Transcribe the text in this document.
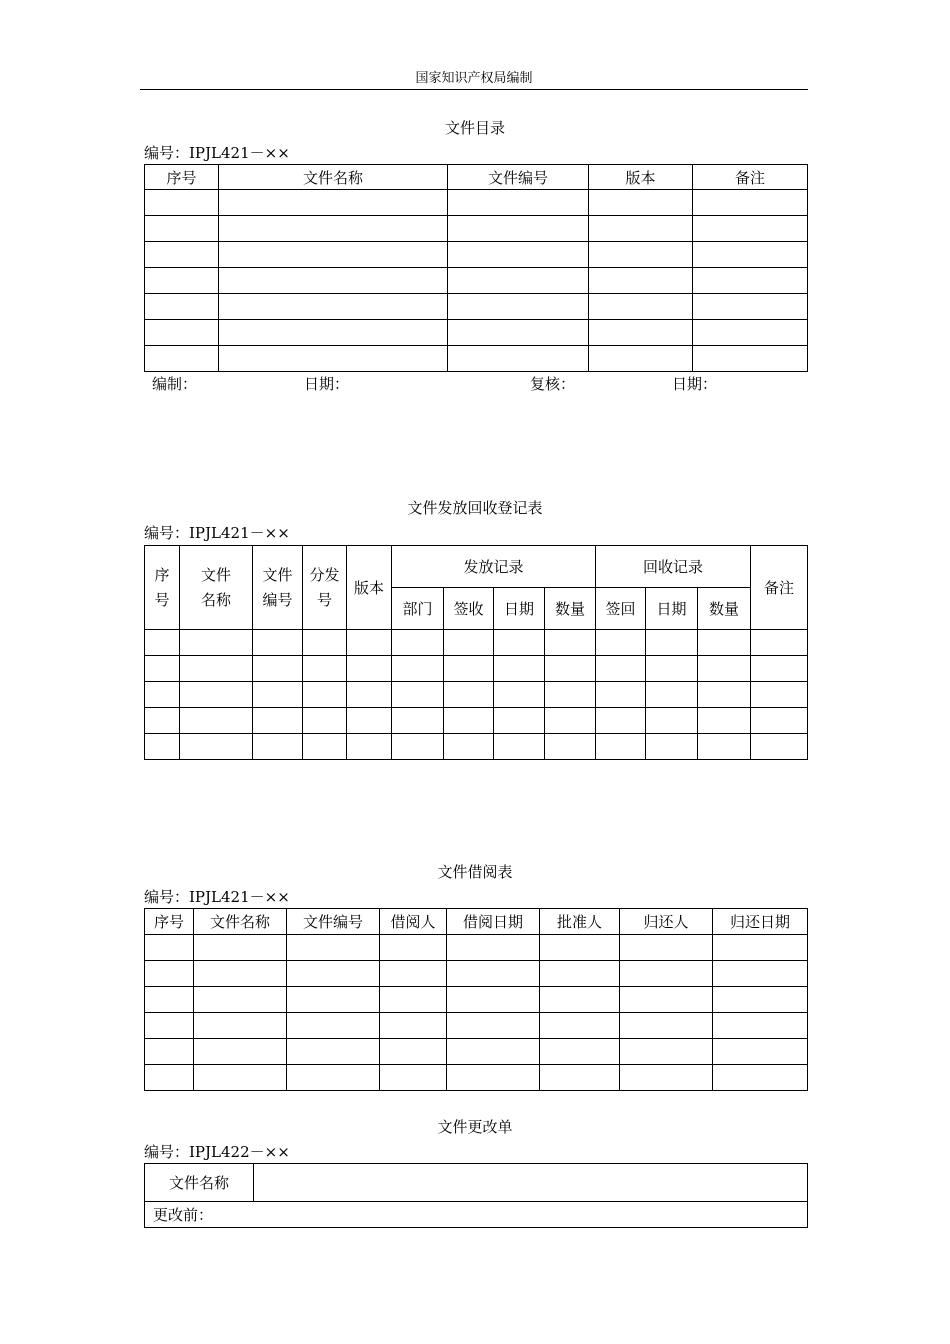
国家知识产权局编制
文件目录
编号：IPJL421－××
序号	文件名称	文件编号	版本	备注

编制：	日期：	复核：	日期：
文件发放回收登记表
编号：IPJL421－××
序号	文件名称	文件编号	分发号	版本	发放记录				回收记录			备注
					部门	签收	日期	数量	签回	日期	数量	

文件借阅表
编号：IPJL421－××
序号	文件名称	文件编号	借阅人	借阅日期	批准人	归还人	归还日期

文件更改单
编号：IPJL422－××
文件名称	
更改前：
